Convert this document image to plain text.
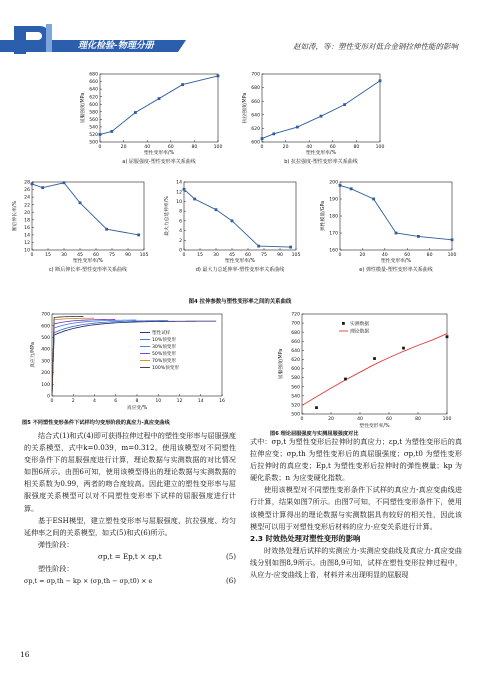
理化检验-物理分册	赵如涛，等：塑性变形对低合金钢拉伸性能的影响
500
520
540
560
580
600
620
640
660
680
0	20	40	60	80	100
塑性变形率/%
屈服强度/MPa
a) 屈服强度-塑性变形率关系曲线
600
620
640
660
680
700
0	20	40	60	80	100
塑性变形率/%
抗拉强度/MPa
b) 抗拉强度-塑性变形率关系曲线
10
12
14
16
18
20
22
24
26
28
0	15 30 45 60 75 90 105
塑性变形率/%
断后伸长率/%
c) 断后伸长率-塑性变形率关系曲线
0
2
4
6
8
10
12
14
0	15 30 45 60 75 90 105
塑性变形率/%
最大力总延伸率/%
d) 最大力总延伸率-塑性变形率关系曲线
160
170
180
190
200
0	20	40	60	80	100
塑性变形率/%
弹性模量/GPa
e) 弹性模量-塑性变形率关系曲线
图4 拉伸参数与塑性变形率之间的关系曲线
0
100
200
300
400
500
600
700
0	2	4	6	8	10	12	14	16
真应变/%
真应力/MPa
塑性试样
10%预变形
30%预变形
50%预变形
70%预变形
100%预变形
图5 不同塑性变形条件下试样均匀变形阶段的真应力-真应变曲线
500
520
540
560
580
600
620
640
660
680
700
720
0	20	40	60	80	100
塑性变形率/%
屈服强度/MPa
实测数据
理论数据
图6 理论屈服强度与实测屈服强度对比

结合式(1)和式(4)即可获得拉伸过程中的塑性变形率与屈服强度的关系模型，式中k=0.039，m=0.312。使用该模型对不同塑性变形条件下的屈服强度进行计算，理论数据与实测数据的对比情况如图6所示。由图6可知，使用该模型得出的理论数据与实测数据的相关系数为0.99，两者的吻合度较高。因此建立的塑性变形率与屈服强度关系模型可以对不同塑性变形率下试样的屈服强度进行计算。

基于ESH模型，建立塑性变形率与屈服强度、抗拉强度、均匀延伸率之间的关系模型，如式(5)和式(6)所示。

弹性阶段：

σp,t = Ep,t × εp,t	(5)

塑性阶段：

σp,t = σp,th − kp × (σp,th − σp,t0) × e	(6)

式中：σp,t 为塑性变形后拉伸时的真应力；εp,t 为塑性变形后的真拉伸应变；σp,th 为塑性变形后的真屈服强度；σp,t0 为塑性变形后拉伸时的真应变；Ep,t 为塑性变形后拉伸时的弹性模量；kp 为硬化系数；n 为应变硬化指数。

使用该模型对不同塑性变形条件下试样的真应力-真应变曲线进行计算，结果如图7所示。由图7可知，不同塑性变形条件下，使用该模型计算得出的理论数据与实测数据具有较好的相关性，因此该模型可以用于对塑性变形后材料的应力-应变关系进行计算。

2.3 时效热处理对塑性变形的影响

时效热处理后试样的实测应力-实测应变曲线及真应力-真应变曲线分别如图8,9所示。由图8,9可知，试样在塑性变形拉伸过程中，从应力-应变曲线上看，材料并未出现明显的屈服现

16
